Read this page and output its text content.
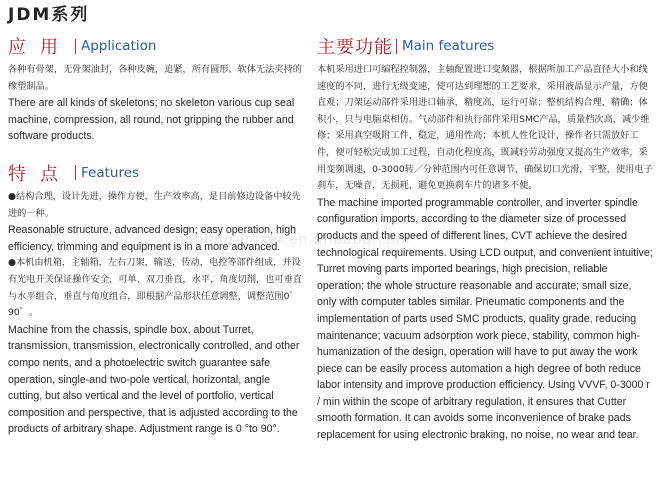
JDM系列
应用 Application

各种有骨架，无骨架油封，各种皮碗，追紧，所有圆形、软体无法夹持的橡塑制品。

There are all kinds of skeletons; no skeleton various cup seal machine, compression, all round, not gripping the rubber and software products.

特点 Features

●结构合理，设计先进，操作方便，生产效率高，是目前修边设备中较先进的一种。

Reasonable structure, advanced design; easy operation, high efficiency, trimming and equipment is in a more advanced.

●本机由机箱，主轴箱，左右刀架，输送，传动，电控等部件组成，并设有光电开关保证操作安全，可单、双刀垂直，水平，角度切削，也可垂直与水平组合，垂直与角度组合，即根据产品形状任意调整，调整范围0゜90゜。

Machine from the chassis, spindle box, about Turret, transmission, transmission, electronically controlled, and other compo nents, and a photoelectric switch guarantee safe operation, single-and two-pole vertical, horizontal, angle cutting, but also vertical and the level of portfolio, vertical composition and perspective, that is adjusted according to the products of arbitrary shape. Adjustment range is 0 °to 90°.

主要功能 Main features

本机采用进口可编程控制器，主轴配置进口变频器，根据所加工产品直径大小和线速度的不同，进行无级变速，使可达到理想的工艺要求，采用液晶显示产量，方便直观；刀架运动部件采用进口轴承，精度高，运行可靠；整机结构合理，精确；体积小，只与电脑桌相仿。气动部件和执行部件采用SMC产品，质量档次高，减少维修；采用真空吸附工件，稳定，通用性高；本机人性化设计，操作者只需放好工件，便可轻松完成加工过程，自动化程度高，既减轻劳动强度又提高生产效率，采用变频调速，0-3000转／分钟范围内可任意调节，确保切口光滑，平整，使用电子刹车，无噪音，无损耗，避免更换刹车片的诸多不便。

The machine imported programmable controller, and inverter spindle configuration imports, according to the diameter size of processed products and the speed of different lines, CVT achieve the desired technological requirements. Using LCD output, and convenient intuitive; Turret moving parts imported bearings, high precision, reliable operation; the whole structure reasonable and accurate; small size, only with computer tables similar. Pneumatic components and the implementation of parts used SMC products, quality grade, reducing maintenance; vacuum adsorption work piece, stability, common high-humanization of the design, operation will have to put away the work piece can be easily process automation a high degree of both reduce labor intensity and improve production efficiency. Using VVVF, 0-3000 r / min within the scope of arbitrary regulation, it ensures that Cutter smooth formation. It can avoids some inconvenience of brake pads replacement for using electronic braking, no noise, no wear and tear.

nanjing-mixer.en.alibaba.com
